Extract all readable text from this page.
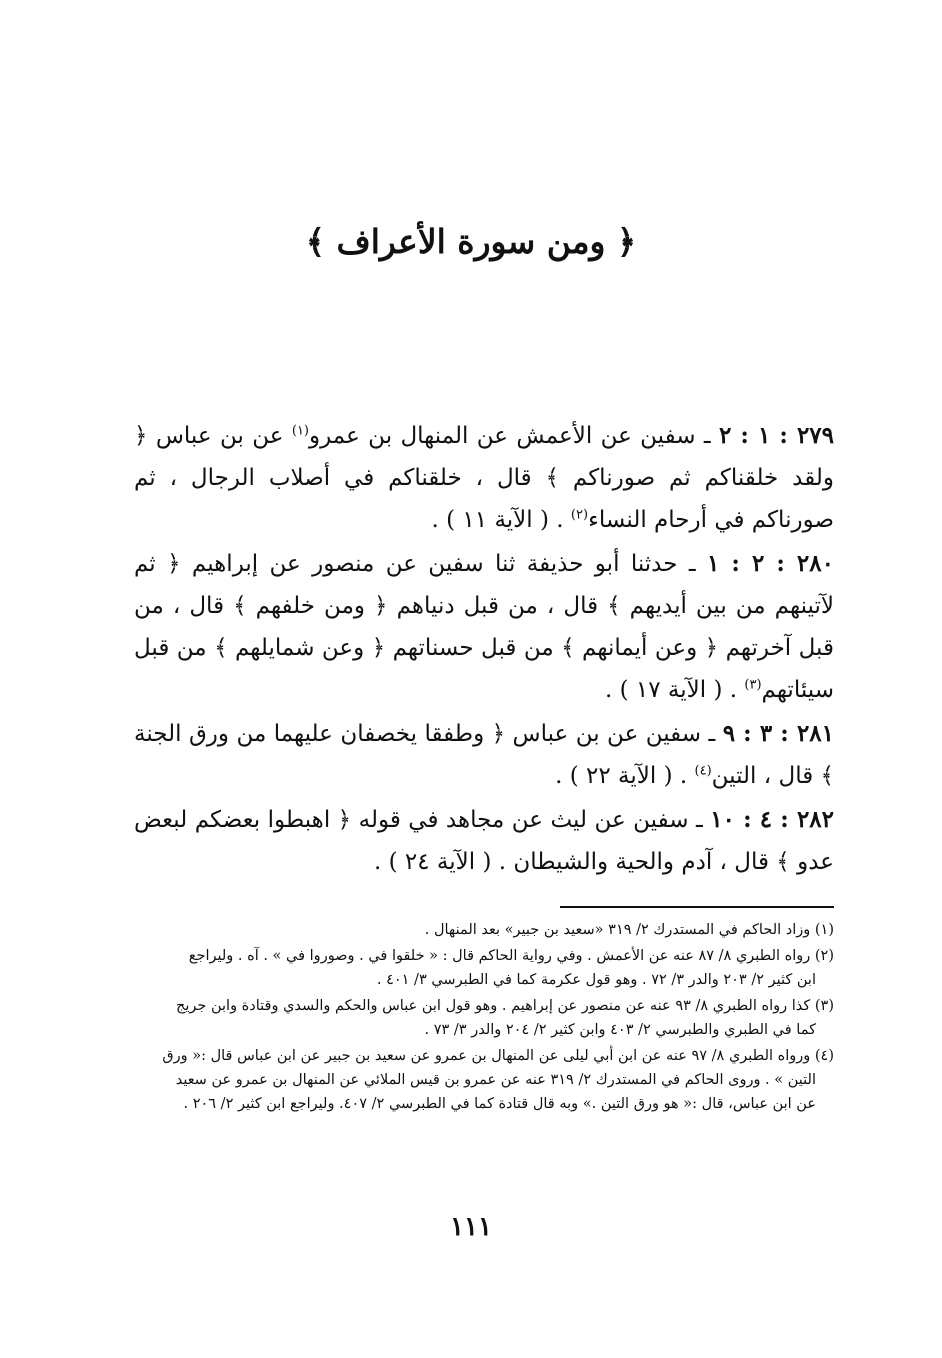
﴿ ومن سورة الأعراف ﴾

٢٧٩ : ١ : ٢ ـ سفين عن الأعمش عن المنهال بن عمرو$^{(١)}$ عن بن عباس ﴿ ولقد خلقناكم ثم صورناكم ﴾ قال ، خلقناكم في أصلاب الرجال ، ثم صورناكم في أرحام النساء$^{(٢)}$ . ( الآية ١١ ) .

٢٨٠ : ٢ : ١ ـ حدثنا أبو حذيفة ثنا سفين عن منصور عن إبراهيم ﴿ ثم لآتينهم من بين أيديهم ﴾ قال ، من قبل دنياهم ﴿ ومن خلفهم ﴾ قال ، من قبل آخرتهم ﴿ وعن أيمانهم ﴾ من قبل حسناتهم ﴿ وعن شمايلهم ﴾ من قبل سيئاتهم$^{(٣)}$ . ( الآية ١٧ ) .

٢٨١ : ٣ : ٩ ـ سفين عن بن عباس ﴿ وطفقا يخصفان عليهما من ورق الجنة ﴾ قال ، التين$^{(٤)}$ . ( الآية ٢٢ ) .

٢٨٢ : ٤ : ١٠ ـ سفين عن ليث عن مجاهد في قوله ﴿ اهبطوا بعضكم لبعض عدو ﴾ قال ، آدم والحية والشيطان . ( الآية ٢٤ ) .

(١) وزاد الحاكم في المستدرك ٢/ ٣١٩ «سعيد بن جبير» بعد المنهال .

(٢) رواه الطبري ٨/ ٨٧ عنه عن الأعمش . وفي رواية الحاكم قال : « خلقوا في . وصوروا في » . آه . وليراجع
ابن كثير ٢/ ٢٠٣ والدر ٣/ ٧٢ . وهو قول عكرمة كما في الطبرسي ٣/ ٤٠١ .

(٣) كذا رواه الطبري ٨/ ٩٣ عنه عن منصور عن إبراهيم . وهو قول ابن عباس والحكم والسدي وقتادة وابن جريج
كما في الطبري والطبرسي ٢/ ٤٠٣ وابن كثير ٢/ ٢٠٤ والدر ٣/ ٧٣ .

(٤) ورواه الطبري ٨/ ٩٧ عنه عن ابن أبي ليلى عن المنهال بن عمرو عن سعيد بن جبير عن ابن عباس قال :« ورق
التين » . وروى الحاكم في المستدرك ٢/ ٣١٩ عنه عن عمرو بن قيس الملائي عن المنهال بن عمرو عن سعيد
عن ابن عباس، قال :« هو ورق التين .» وبه قال قتادة كما في الطبرسي ٢/ ٤٠٧. وليراجع ابن كثير ٢/ ٢٠٦ .

١١١
